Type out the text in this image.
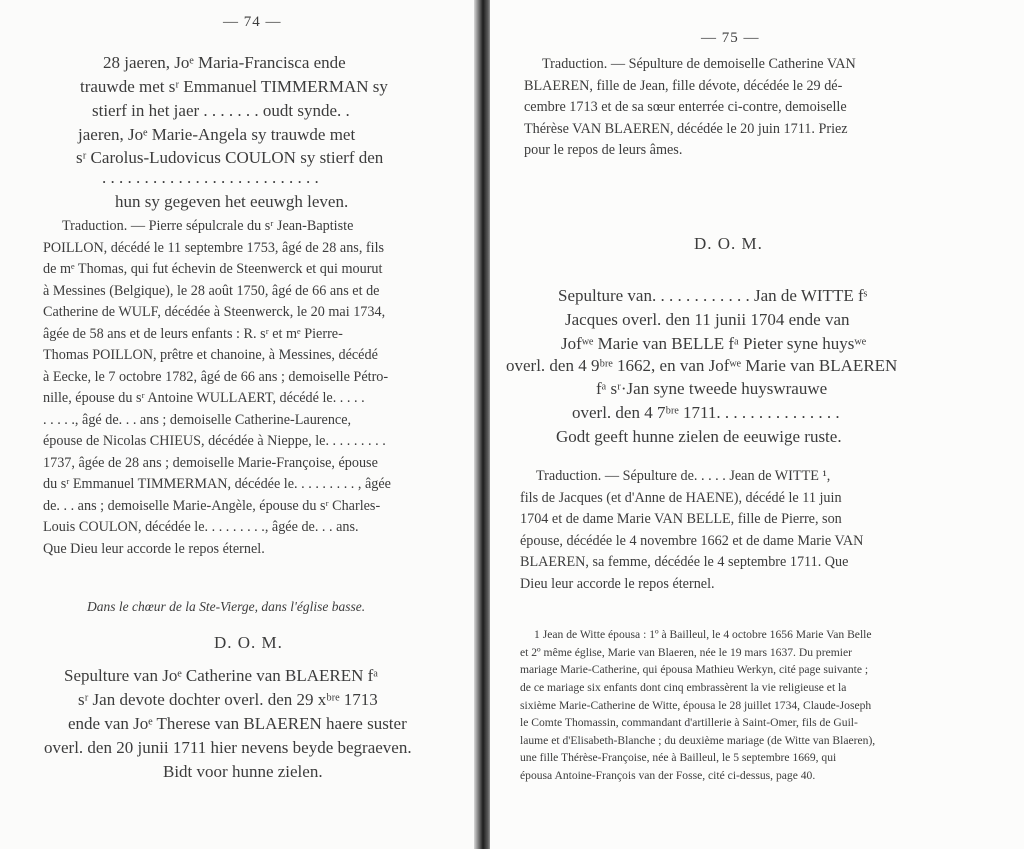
— 74 —
28 jaeren, Joᵉ Maria-Francisca ende
trauwde met sʳ Emmanuel TIMMERMAN sy
stierf in het jaer . . . . . . . oudt synde. .
jaeren, Joᵉ Marie-Angela sy trauwde met
sʳ Carolus-Ludovicus COULON sy stierf den
. . . . . . . . . . . . . . . . . . . . . . . . . .
hun sy gegeven het eeuwgh leven.
Traduction. — Pierre sépulcrale du sʳ Jean-Baptiste
POILLON, décédé le 11 septembre 1753, âgé de 28 ans, fils
de mᵉ Thomas, qui fut échevin de Steenwerck et qui mourut
à Messines (Belgique), le 28 août 1750, âgé de 66 ans et de
Catherine de WULF, décédée à Steenwerck, le 20 mai 1734,
âgée de 58 ans et de leurs enfants : R. sʳ et mᵉ Pierre-
Thomas POILLON, prêtre et chanoine, à Messines, décédé
à Eecke, le 7 octobre 1782, âgé de 66 ans ; demoiselle Pétro-
nille, épouse du sʳ Antoine WULLAERT, décédé le. . . . .
. . . . ., âgé de. . . ans ; demoiselle Catherine-Laurence,
épouse de Nicolas CHIEUS, décédée à Nieppe, le. . . . . . . . .
1737, âgée de 28 ans ; demoiselle Marie-Françoise, épouse
du sʳ Emmanuel TIMMERMAN, décédée le. . . . . . . . . , âgée
de. . . ans ; demoiselle Marie-Angèle, épouse du sʳ Charles-
Louis COULON, décédée le. . . . . . . . ., âgée de. . . ans.
Que Dieu leur accorde le repos éternel.
Dans le chœur de la Ste-Vierge, dans l'église basse.
D. O. M.
Sepulture van Joᵉ Catherine van BLAEREN fᵃ
sʳ Jan devote dochter overl. den 29 xᵇʳᵉ 1713
ende van Joᵉ Therese van BLAEREN haere suster
overl. den 20 junii 1711 hier nevens beyde begraeven.
Bidt voor hunne zielen.
— 75 —
Traduction. — Sépulture de demoiselle Catherine VAN
BLAEREN, fille de Jean, fille dévote, décédée le 29 dé-
cembre 1713 et de sa sœur enterrée ci-contre, demoiselle
Thérèse VAN BLAEREN, décédée le 20 juin 1711. Priez
pour le repos de leurs âmes.
D. O. M.
Sepulture van. . . . . . . . . . . . Jan de WITTE fˢ
Jacques overl. den 11 junii 1704 ende van
Jofʷᵉ Marie van BELLE fᵃ Pieter syne huysʷᵉ
overl. den 4 9ᵇʳᵉ 1662, en van Jofʷᵉ Marie van BLAEREN
fᵃ sʳ·Jan syne tweede huyswrauwe
overl. den 4 7ᵇʳᵉ 1711. . . . . . . . . . . . . . .
Godt geeft hunne zielen de eeuwige ruste.
Traduction. — Sépulture de. . . . . Jean de WITTE ¹,
fils de Jacques (et d'Anne de HAENE), décédé le 11 juin
1704 et de dame Marie VAN BELLE, fille de Pierre, son
épouse, décédée le 4 novembre 1662 et de dame Marie VAN
BLAEREN, sa femme, décédée le 4 septembre 1711. Que
Dieu leur accorde le repos éternel.
1 Jean de Witte épousa : 1º à Bailleul, le 4 octobre 1656 Marie Van Belle
et 2º même église, Marie van Blaeren, née le 19 mars 1637. Du premier
mariage Marie-Catherine, qui épousa Mathieu Werkyn, cité page suivante ;
de ce mariage six enfants dont cinq embrassèrent la vie religieuse et la
sixième Marie-Catherine de Witte, épousa le 28 juillet 1734, Claude-Joseph
le Comte Thomassin, commandant d'artillerie à Saint-Omer, fils de Guil-
laume et d'Elisabeth-Blanche ; du deuxième mariage (de Witte van Blaeren),
une fille Thérèse-Françoise, née à Bailleul, le 5 septembre 1669, qui
épousa Antoine-François van der Fosse, cité ci-dessus, page 40.
